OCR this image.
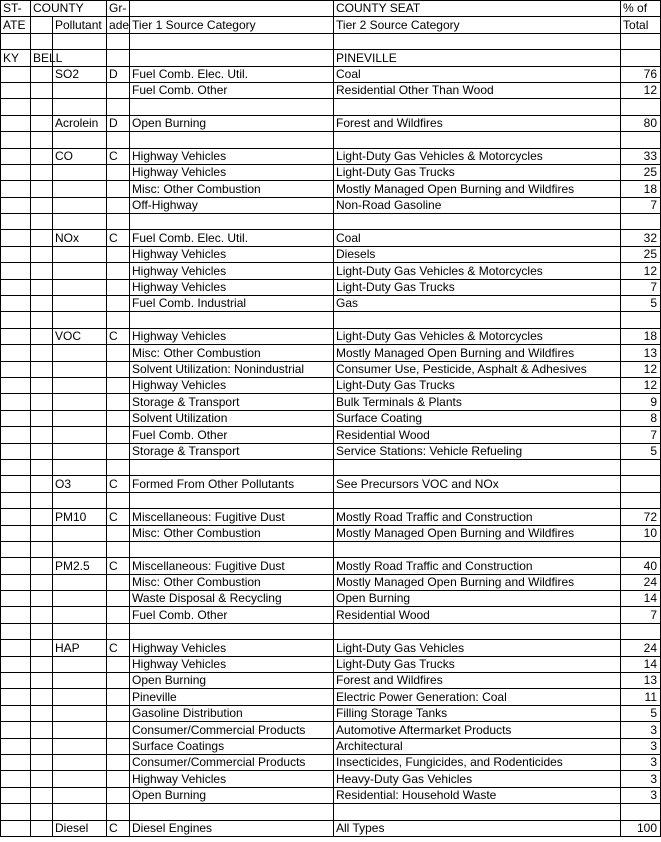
ST-	COUNTY		Gr-		COUNTY SEAT	% of
ATE		Pollutant	ade	Tier 1 Source Category	Tier 2 Source Category	Total

KY	BELL				PINEVILLE	
		SO2	D	Fuel Comb. Elec. Util.	Coal	76
				Fuel Comb. Other	Residential Other Than Wood	12

		Acrolein	D	Open Burning	Forest and Wildfires	80

		CO	C	Highway Vehicles	Light-Duty Gas Vehicles & Motorcycles	33
				Highway Vehicles	Light-Duty Gas Trucks	25
				Misc: Other Combustion	Mostly Managed Open Burning and Wildfires	18
				Off-Highway	Non-Road Gasoline	7

		NOx	C	Fuel Comb. Elec. Util.	Coal	32
				Highway Vehicles	Diesels	25
				Highway Vehicles	Light-Duty Gas Vehicles & Motorcycles	12
				Highway Vehicles	Light-Duty Gas Trucks	7
				Fuel Comb. Industrial	Gas	5

		VOC	C	Highway Vehicles	Light-Duty Gas Vehicles & Motorcycles	18
				Misc: Other Combustion	Mostly Managed Open Burning and Wildfires	13
				Solvent Utilization: Nonindustrial	Consumer Use, Pesticide, Asphalt & Adhesives	12
				Highway Vehicles	Light-Duty Gas Trucks	12
				Storage & Transport	Bulk Terminals & Plants	9
				Solvent Utilization	Surface Coating	8
				Fuel Comb. Other	Residential Wood	7
				Storage & Transport	Service Stations: Vehicle Refueling	5

		O3	C	Formed From Other Pollutants	See Precursors VOC and NOx	

		PM10	C	Miscellaneous: Fugitive Dust	Mostly Road Traffic and Construction	72
				Misc: Other Combustion	Mostly Managed Open Burning and Wildfires	10

		PM2.5	C	Miscellaneous: Fugitive Dust	Mostly Road Traffic and Construction	40
				Misc: Other Combustion	Mostly Managed Open Burning and Wildfires	24
				Waste Disposal & Recycling	Open Burning	14
				Fuel Comb. Other	Residential Wood	7

		HAP	C	Highway Vehicles	Light-Duty Gas Vehicles	24
				Highway Vehicles	Light-Duty Gas Trucks	14
				Open Burning	Forest and Wildfires	13
				Pineville	Electric Power Generation: Coal	11
				Gasoline Distribution	Filling Storage Tanks	5
				Consumer/Commercial Products	Automotive Aftermarket Products	3
				Surface Coatings	Architectural	3
				Consumer/Commercial Products	Insecticides, Fungicides, and Rodenticides	3
				Highway Vehicles	Heavy-Duty Gas Vehicles	3
				Open Burning	Residential: Household Waste	3

		Diesel	C	Diesel Engines	All Types	100
